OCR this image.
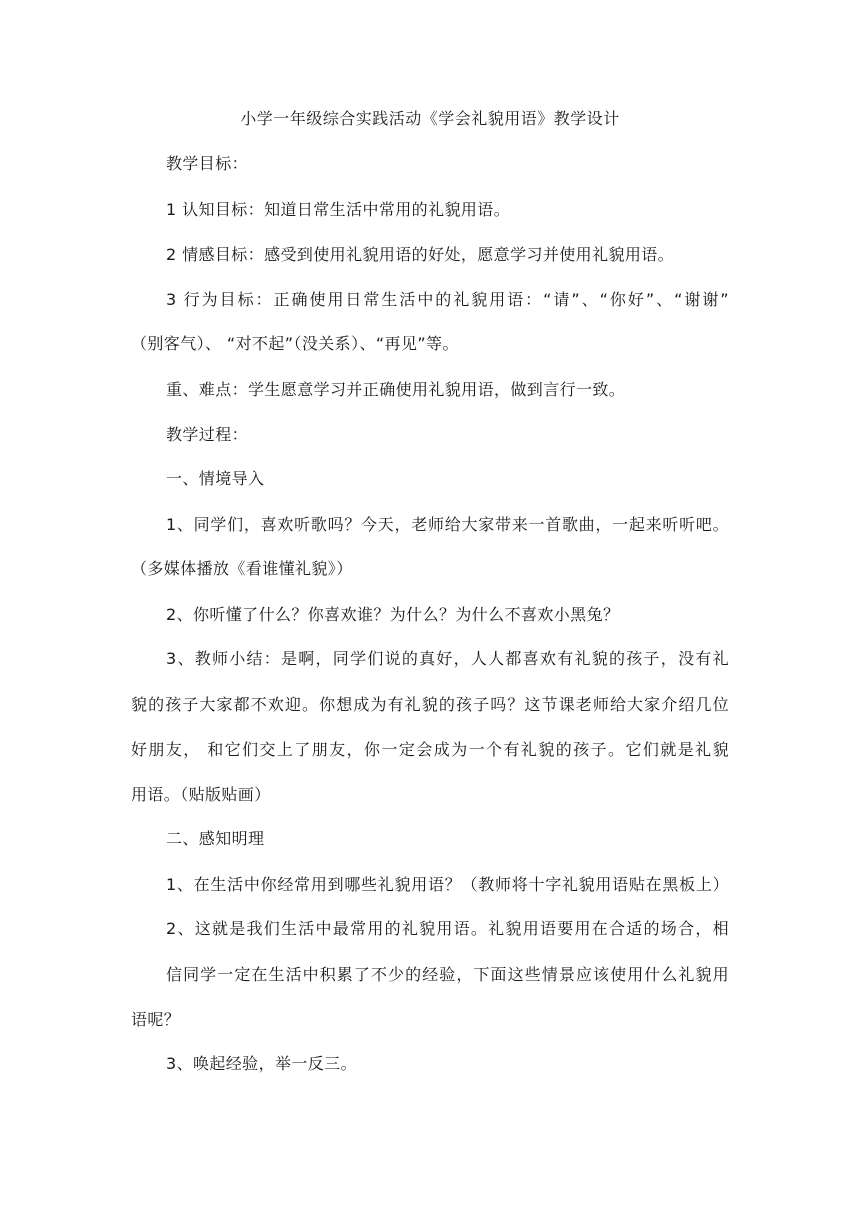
小学一年级综合实践活动《学会礼貌用语》教学设计
教学目标：
1 认知目标：知道日常生活中常用的礼貌用语。
2 情感目标：感受到使用礼貌用语的好处，愿意学习并使用礼貌用语。
3 行为目标：正确使用日常生活中的礼貌用语：“请”、“你好”、“谢谢”
（别客气）、 “对不起”（没关系）、“再见”等。
重、难点：学生愿意学习并正确使用礼貌用语，做到言行一致。
教学过程：
一、情境导入
1、同学们，喜欢听歌吗？今天，老师给大家带来一首歌曲，一起来听听吧。
（多媒体播放《看谁懂礼貌》）
2、你听懂了什么？你喜欢谁？为什么？为什么不喜欢小黑兔？
3、教师小结：是啊，同学们说的真好，人人都喜欢有礼貌的孩子，没有礼
貌的孩子大家都不欢迎。你想成为有礼貌的孩子吗？这节课老师给大家介绍几位
好朋友， 和它们交上了朋友，你一定会成为一个有礼貌的孩子。它们就是礼貌
用语。（贴版贴画）
二、感知明理
1、在生活中你经常用到哪些礼貌用语？（教师将十字礼貌用语贴在黑板上）
2、这就是我们生活中最常用的礼貌用语。礼貌用语要用在合适的场合，相
信同学一定在生活中积累了不少的经验，下面这些情景应该使用什么礼貌用
语呢？
3、唤起经验，举一反三。
